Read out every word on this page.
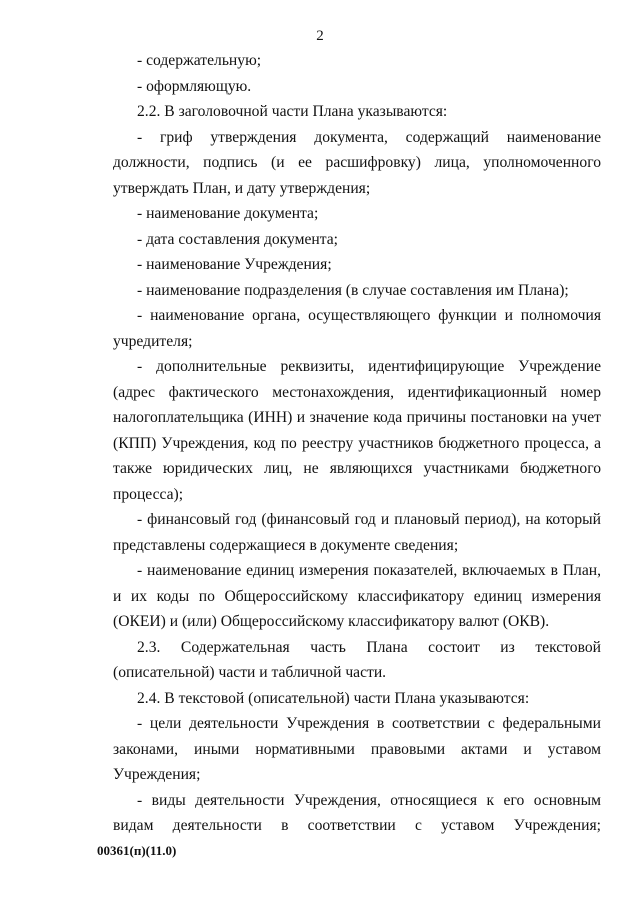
2

- содержательную;

- оформляющую.

2.2. В заголовочной части Плана указываются:

- гриф утверждения документа, содержащий наименование должности, подпись (и ее расшифровку) лица, уполномоченного утверждать План, и дату утверждения;

- наименование документа;

- дата составления документа;

- наименование Учреждения;

- наименование подразделения (в случае составления им Плана);

- наименование органа, осуществляющего функции и полномочия учредителя;

- дополнительные реквизиты, идентифицирующие Учреждение (адрес фактического местонахождения, идентификационный номер налогоплательщика (ИНН) и значение кода причины постановки на учет (КПП) Учреждения, код по реестру участников бюджетного процесса, а также юридических лиц, не являющихся участниками бюджетного процесса);

- финансовый год (финансовый год и плановый период), на который представлены содержащиеся в документе сведения;

- наименование единиц измерения показателей, включаемых в План, и их коды по Общероссийскому классификатору единиц измерения (ОКЕИ) и (или) Общероссийскому классификатору валют (ОКВ).

2.3. Содержательная часть Плана состоит из текстовой (описательной) части и табличной части.

2.4. В текстовой (описательной) части Плана указываются:

- цели деятельности Учреждения в соответствии с федеральными законами, иными нормативными правовыми актами и уставом Учреждения;

- виды деятельности Учреждения, относящиеся к его основным видам деятельности в соответствии с уставом Учреждения;

00361(п)(11.0)
